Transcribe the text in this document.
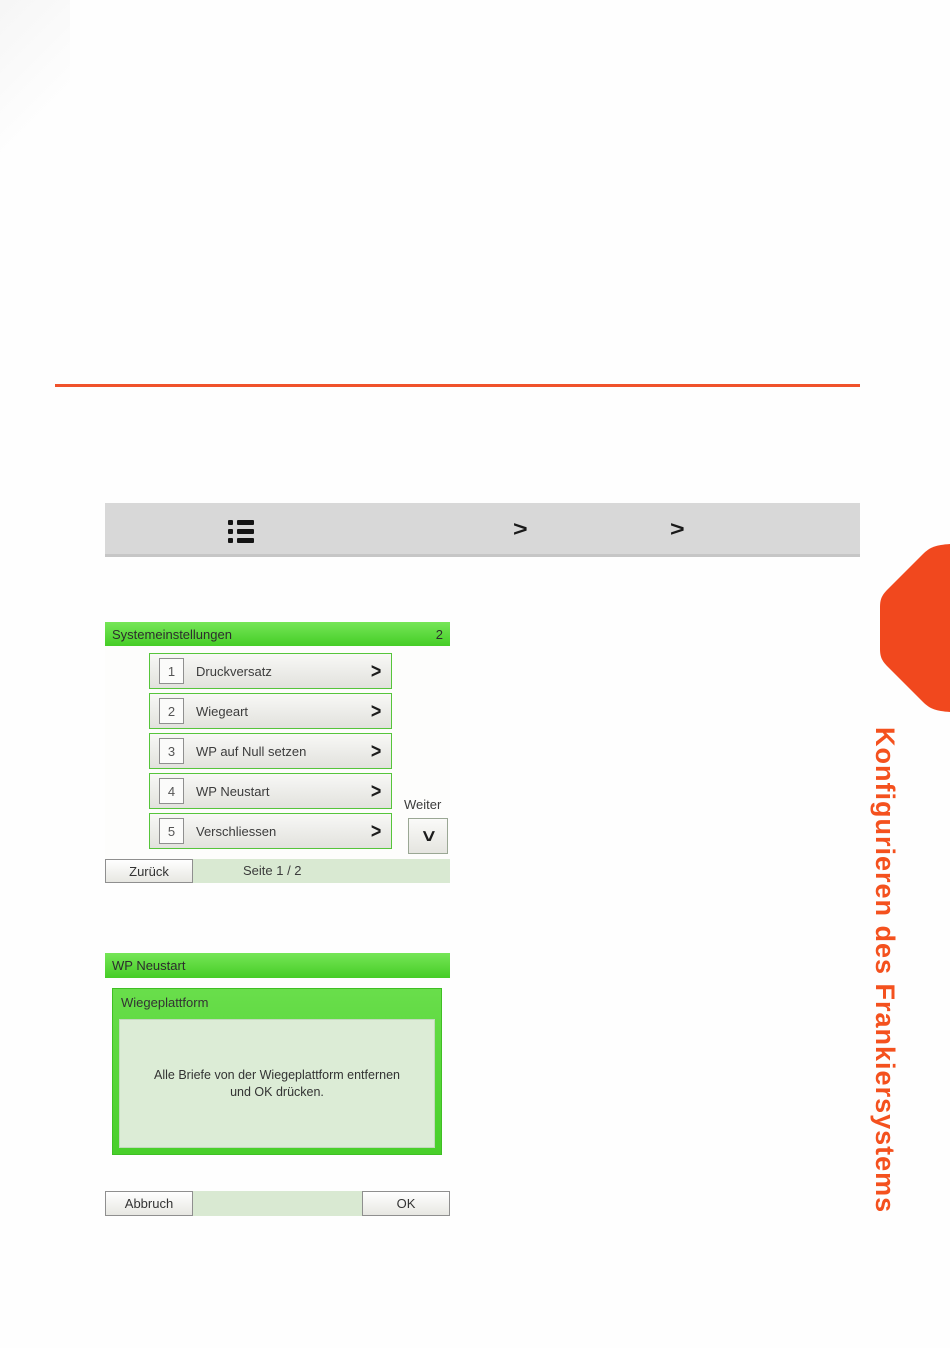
>	>
Systemeinstellungen	2
1	Druckversatz	>
2	Wiegeart	>
3	WP auf Null setzen	>
4	WP Neustart	>
5	Verschliessen	>
Weiter
>
Zurück	Seite 1 / 2
WP Neustart
Wiegeplattform
Alle Briefe von der Wiegeplattform entfernen und OK drücken.
Abbruch	OK	Konfigurieren des Frankiersystems
